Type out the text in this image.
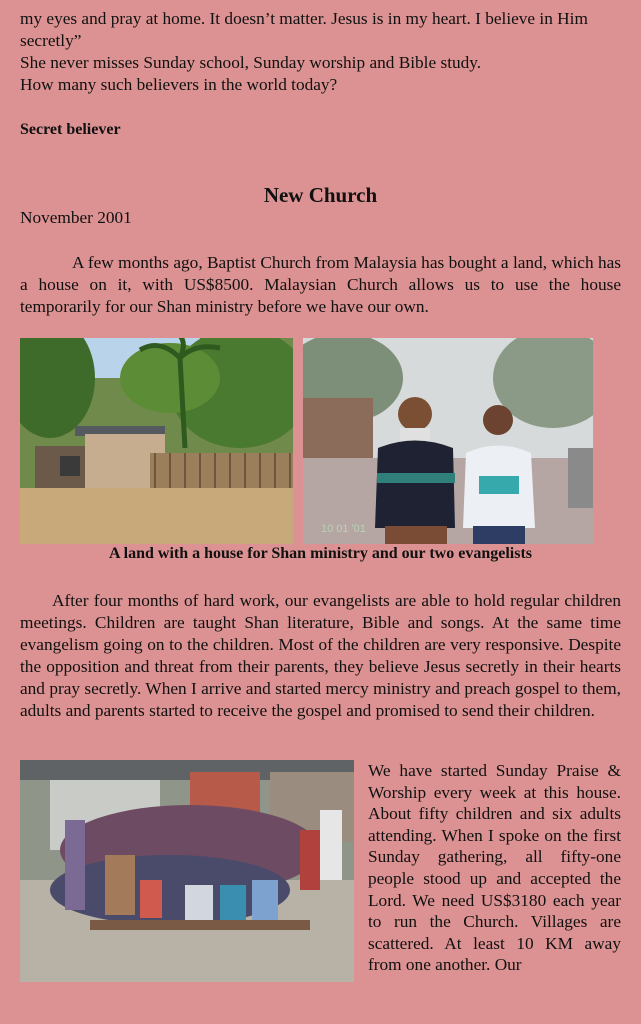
my eyes and pray at home. It doesn’t matter. Jesus is in my heart. I believe in Him secretly”

She never misses Sunday school, Sunday worship and Bible study.

How many such believers in the world today?

Secret believer
New Church
November 2001

A few months ago, Baptist Church from Malaysia has bought a land, which has a house on it, with US$8500. Malaysian Church allows us to use the house temporarily for our Shan ministry before we have our own.

10 01 '01
A land with a house for Shan ministry and our two evangelists

After four months of hard work, our evangelists are able to hold regular children meetings. Children are taught Shan literature, Bible and songs. At the same time evangelism going on to the children. Most of the children are very responsive. Despite the opposition and threat from their parents, they believe Jesus secretly in their hearts and pray secretly. When I arrive and started mercy ministry and preach gospel to them, adults and parents started to receive the gospel and promised to send their children.

We have started Sunday Praise & Worship every week at this house. About fifty children and six adults attending. When I spoke on the first Sunday gathering, all fifty-one people stood up and accepted the Lord. We need US$3180 each year to run the Church. Villages are scattered. At least 10 KM away from one another. Our
